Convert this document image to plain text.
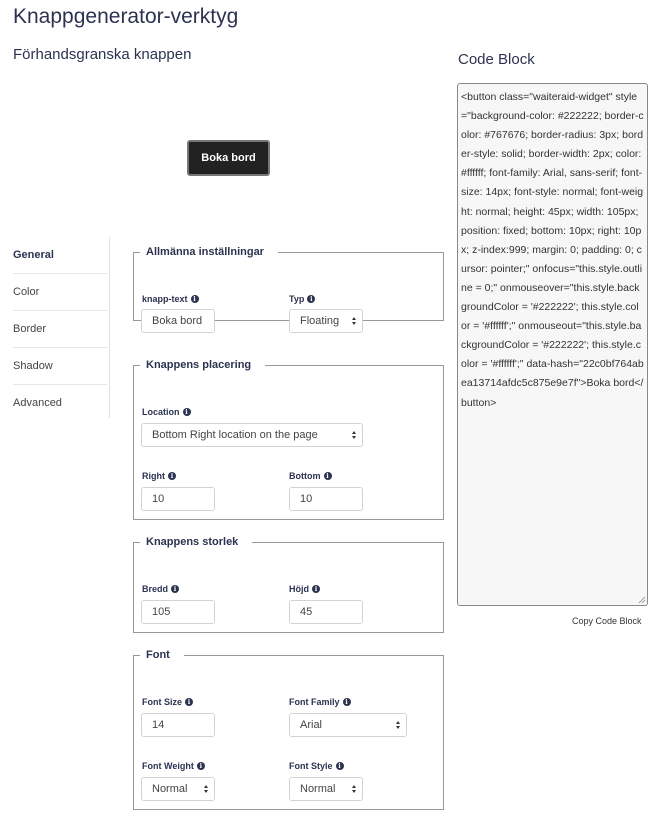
Knappgenerator-verktyg
Förhandsgranska knappen	Code Block
Boka bord
<button class="waiteraid-widget" style="background-color: #222222; border-color: #767676; border-radius: 3px; border-style: solid; border-width: 2px; color: #ffffff; font-family: Arial, sans-serif; font-size: 14px; font-style: normal; font-weight: normal; height: 45px; width: 105px; position: fixed; bottom: 10px; right: 10px; z-index:999; margin: 0; padding: 0; cursor: pointer;" onfocus="this.style.outline = 0;" onmouseover="this.style.backgroundColor = '#222222'; this.style.color = '#ffffff';" onmouseout="this.style.backgroundColor = '#222222'; this.style.color = '#ffffff';" data-hash="22c0bf764abea13714afdc5c875e9e7f">Boka bord</button>
Copy Code Block
General
Color
Border
Shadow
Advanced
Allmänna inställningar
knapp-text i
Boka bord
Typ i
Floating
Knappens placering
Location i
Bottom Right location on the page
Right i
10
Bottom i
10
Knappens storlek
Bredd i
105
Höjd i
45
Font
Font Size i
14
Font Family i
Arial
Font Weight i
Normal
Font Style i
Normal
